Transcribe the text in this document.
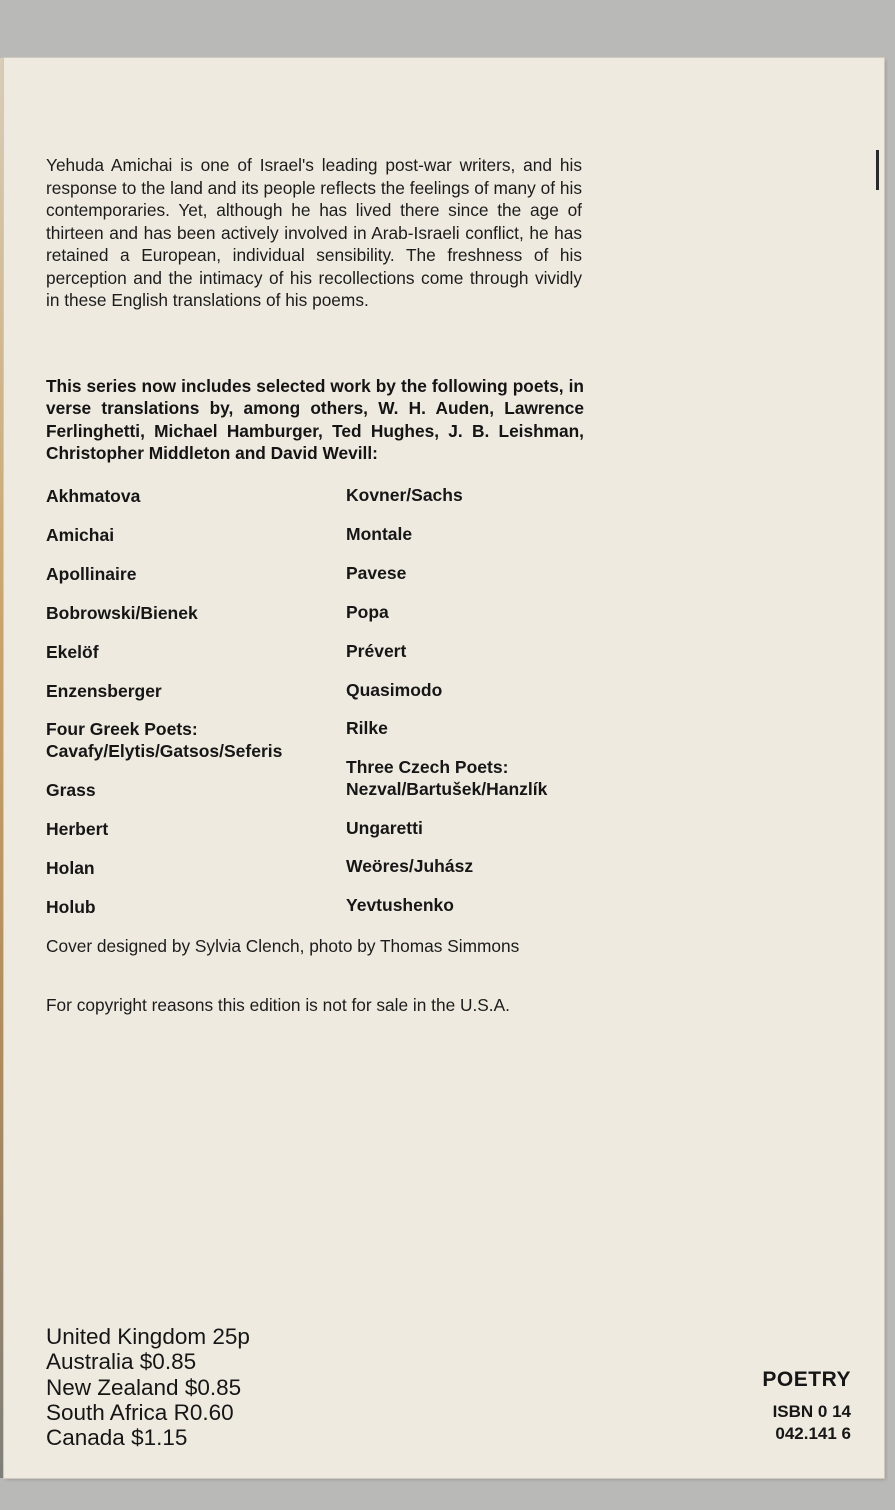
Yehuda Amichai is one of Israel's leading post-war writers, and his response to the land and its people reflects the feelings of many of his contemporaries. Yet, although he has lived there since the age of thirteen and has been actively involved in Arab-Israeli conflict, he has retained a European, individual sensibility. The freshness of his perception and the intimacy of his recollections come through vividly in these English translations of his poems.

This series now includes selected work by the following poets, in verse translations by, among others, W. H. Auden, Lawrence Ferlinghetti, Michael Hamburger, Ted Hughes, J. B. Leishman, Christopher Middleton and David Wevill:

Akhmatova
Amichai
Apollinaire
Bobrowski/Bienek
Ekelöf
Enzensberger
Four Greek Poets:
Cavafy/Elytis/Gatsos/Seferis
Grass
Herbert
Holan
Holub
Kovner/Sachs
Montale
Pavese
Popa
Prévert
Quasimodo
Rilke
Three Czech Poets:
Nezval/Bartušek/Hanzlík
Ungaretti
Weöres/Juhász
Yevtushenko

Cover designed by Sylvia Clench, photo by Thomas Simmons

For copyright reasons this edition is not for sale in the U.S.A.

United Kingdom 25p
Australia $0.85
New Zealand $0.85
South Africa R0.60
Canada $1.15
POETRY
ISBN 0 14
042.141 6
